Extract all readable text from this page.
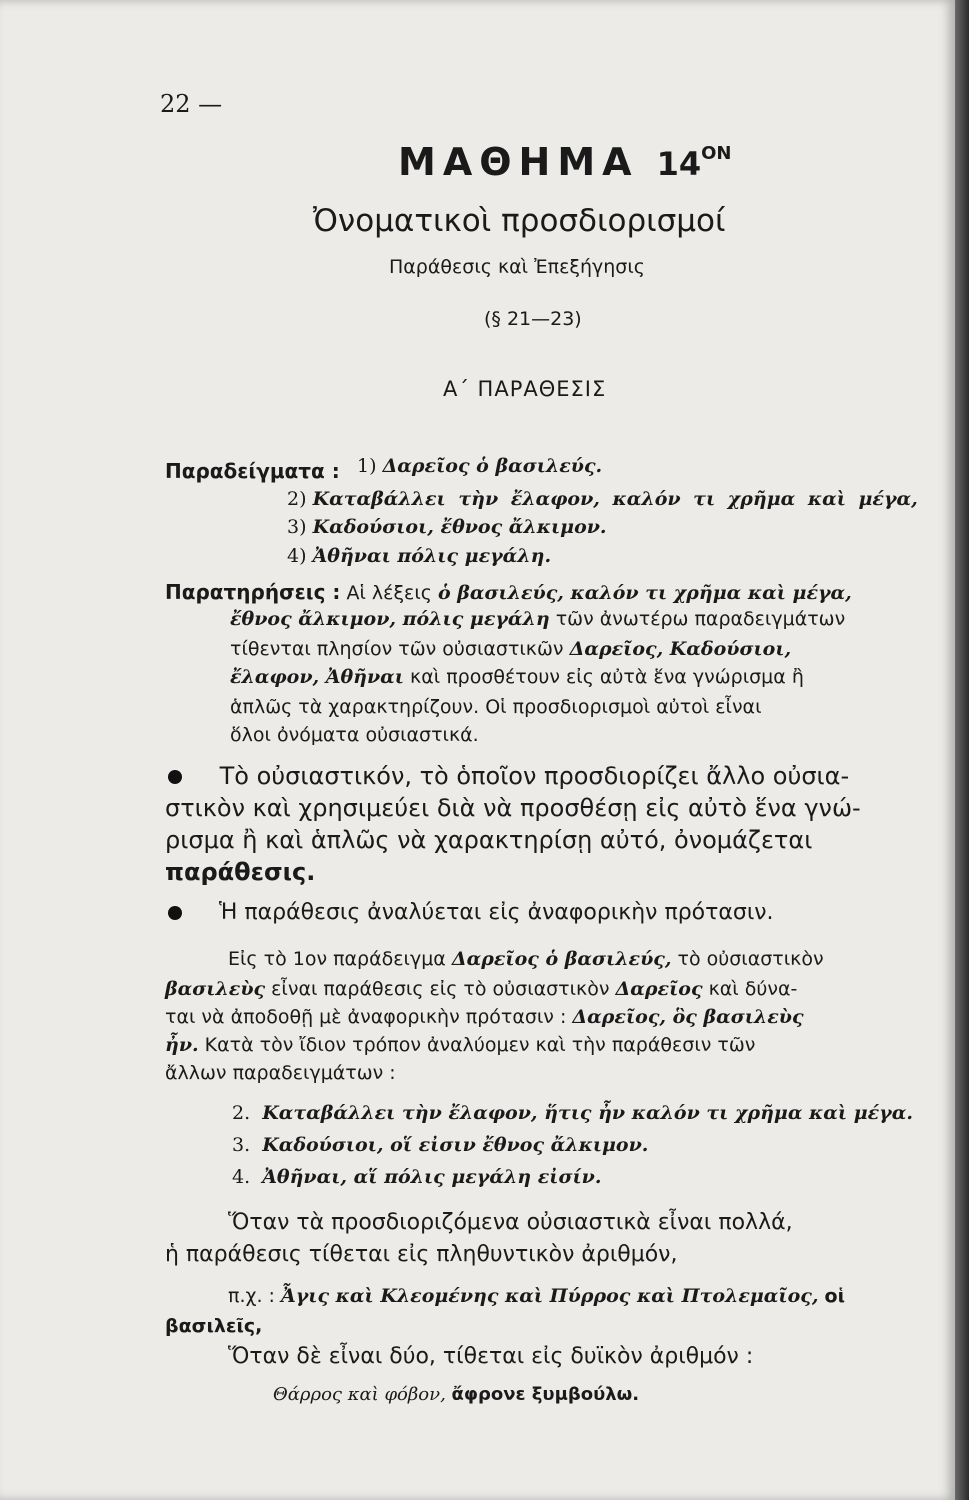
22 —
ΜΑΘΗΜΑ $14^{ON}$
Ὀνοματικοὶ προσδιορισμοί
Παράθεσις καὶ Ἐπεξήγησις
(§ 21—23)
Α΄ ΠΑΡΑΘΕΣΙΣ
Παραδείγματα : 1) Δαρεῖος ὁ βασιλεύς.
2) Καταβάλλει τὴν ἔλαφον, καλόν τι χρῆμα καὶ μέγα,
3) Καδούσιοι, ἔθνος ἄλκιμον.
4) Ἀθῆναι πόλις μεγάλη.
Παρατηρήσεις : Αἱ λέξεις ὁ βασιλεύς, καλόν τι χρῆμα καὶ μέγα,
ἔθνος ἄλκιμον, πόλις μεγάλη τῶν ἀνωτέρω παραδειγμάτων
τίθενται πλησίον τῶν οὐσιαστικῶν Δαρεῖος, Καδούσιοι,
ἔλαφον, Ἀθῆναι καὶ προσθέτουν εἰς αὐτὰ ἕνα γνώρισμα ἢ
ἁπλῶς τὰ χαρακτηρίζουν. Οἱ προσδιορισμοὶ αὐτοὶ εἶναι
ὅλοι ὀνόματα οὐσιαστικά.
Τὸ οὐσιαστικόν, τὸ ὁποῖον προσδιορίζει ἄλλο οὐσια-
στικὸν καὶ χρησιμεύει διὰ νὰ προσθέσῃ εἰς αὐτὸ ἕνα γνώ-
ρισμα ἢ καὶ ἁπλῶς νὰ χαρακτηρίσῃ αὐτό, ὀνομάζεται
παράθεσις.
Ἡ παράθεσις ἀναλύεται εἰς ἀναφορικὴν πρότασιν.
Εἰς τὸ 1ον παράδειγμα Δαρεῖος ὁ βασιλεύς, τὸ οὐσιαστικὸν
βασιλεὺς εἶναι παράθεσις εἰς τὸ οὐσιαστικὸν Δαρεῖος καὶ δύνα-
ται νὰ ἀποδοθῇ μὲ ἀναφορικὴν πρότασιν : Δαρεῖος, ὃς βασιλεὺς
ἦν. Κατὰ τὸν ἴδιον τρόπον ἀναλύομεν καὶ τὴν παράθεσιν τῶν
ἄλλων παραδειγμάτων :
2. Καταβάλλει τὴν ἔλαφον, ἥτις ἦν καλόν τι χρῆμα καὶ μέγα.
3. Καδούσιοι, οἵ εἰσιν ἔθνος ἄλκιμον.
4. Ἀθῆναι, αἵ πόλις μεγάλη εἰσίν.
Ὅταν τὰ προσδιοριζόμενα οὐσιαστικὰ εἶναι πολλά,
ἡ παράθεσις τίθεται εἰς πληθυντικὸν ἀριθμόν,
π.χ. : Ἆγις καὶ Κλεομένης καὶ Πύρρος καὶ Πτολεμαῖος, οἱ
βασιλεῖς,
Ὅταν δὲ εἶναι δύο, τίθεται εἰς δυϊκὸν ἀριθμόν :
Θάρρος καὶ φόβον, ἄφρονε ξυμβούλω.
